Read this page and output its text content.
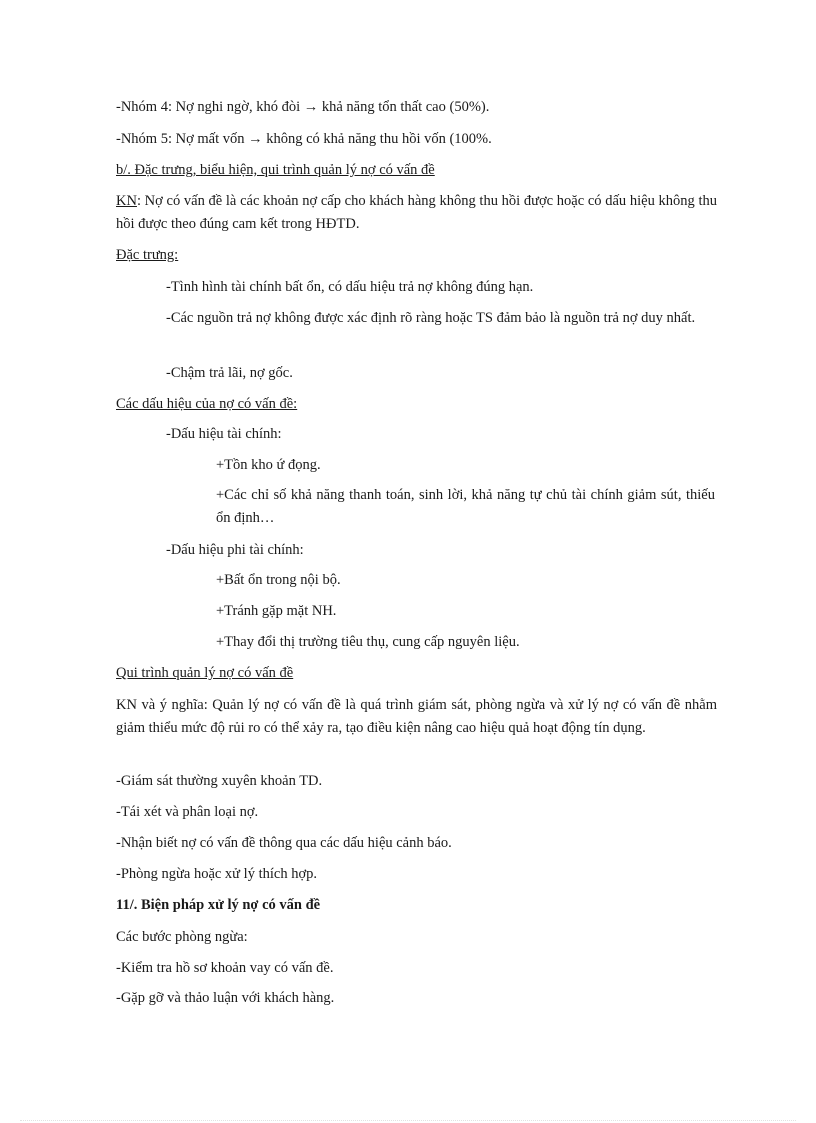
-Nhóm 4: Nợ nghi ngờ, khó đòi → khả năng tổn thất cao (50%).
-Nhóm 5: Nợ mất vốn → không có khả năng thu hồi vốn (100%.
b/. Đặc trưng, biểu hiện, qui trình quản lý nợ có vấn đề
KN: Nợ có vấn đề là các khoản nợ cấp cho khách hàng không thu hồi được hoặc có dấu hiệu không thu hồi được theo đúng cam kết trong HĐTD.
Đặc trưng:
-Tình hình tài chính bất ổn, có dấu hiệu trả nợ không đúng hạn.
-Các nguồn trả nợ không được xác định rõ ràng hoặc TS đảm bảo là nguồn trả nợ duy nhất.
-Chậm trả lãi, nợ gốc.
Các dấu hiệu của nợ có vấn đề:
-Dấu hiệu tài chính:
+Tồn kho ứ đọng.
+Các chỉ số khả năng thanh toán, sinh lời, khả năng tự chủ tài chính giảm sút, thiếu ổn định…
-Dấu hiệu phi tài chính:
+Bất ổn trong nội bộ.
+Tránh gặp mặt NH.
+Thay đổi thị trường tiêu thụ, cung cấp nguyên liệu.
Qui trình quản lý nợ có vấn đề
KN và ý nghĩa: Quản lý nợ có vấn đề là quá trình giám sát, phòng ngừa và xử lý nợ có vấn đề nhằm giảm thiểu mức độ rủi ro có thể xảy ra, tạo điều kiện nâng cao hiệu quả hoạt động tín dụng.
-Giám sát thường xuyên khoản TD.
-Tái xét và phân loại nợ.
-Nhận biết nợ có vấn đề thông qua các dấu hiệu cảnh báo.
-Phòng ngừa hoặc xử lý thích hợp.
11/. Biện pháp xử lý nợ có vấn đề
Các bước phòng ngừa:
-Kiểm tra hồ sơ khoản vay có vấn đề.
-Gặp gỡ và thảo luận với khách hàng.
